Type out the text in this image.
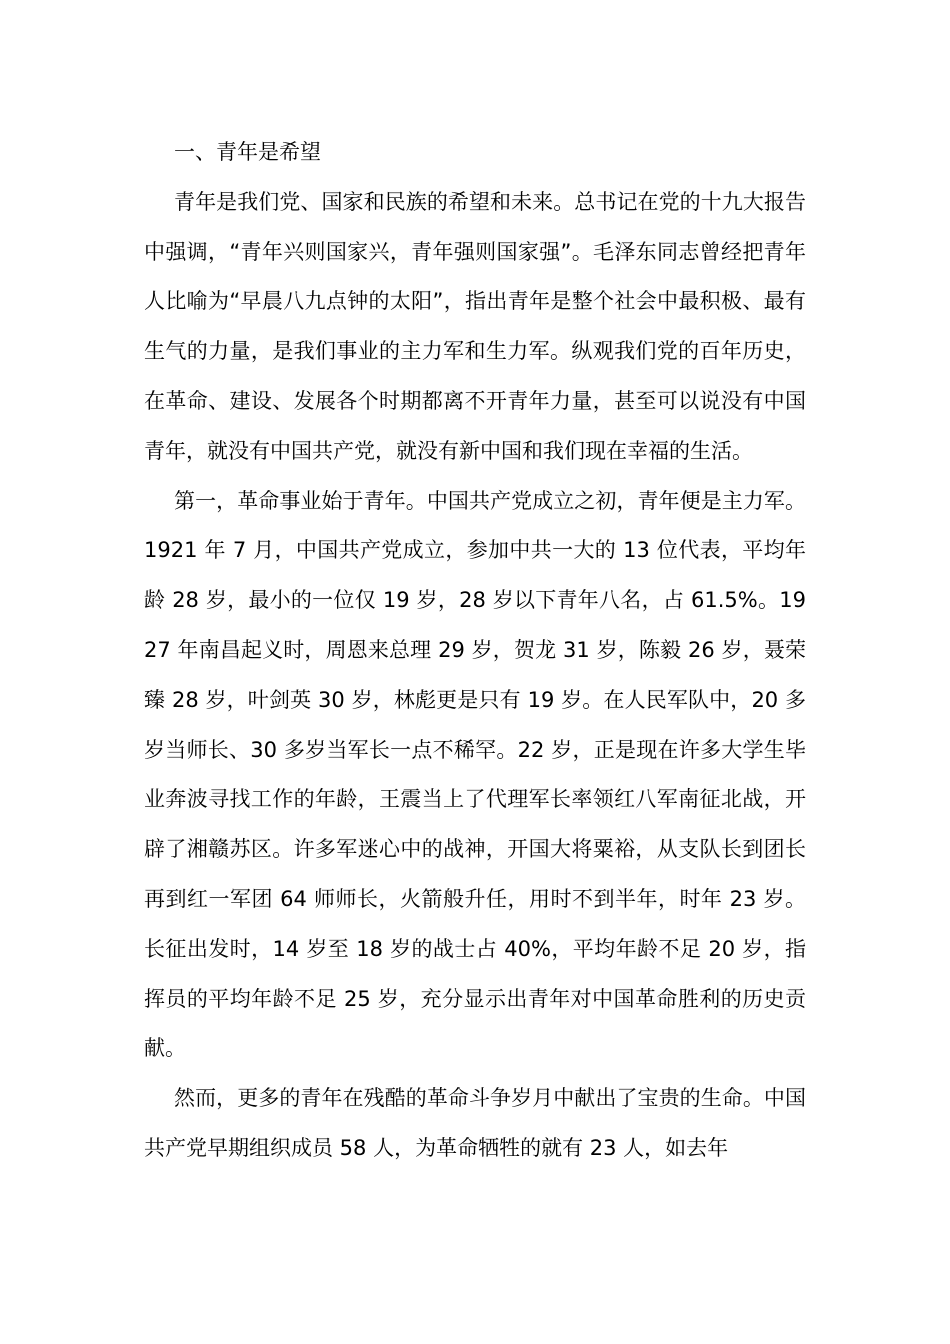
一、青年是希望

青年是我们党、国家和民族的希望和未来。总书记在党的十九大报告中强调，“青年兴则国家兴，青年强则国家强”。毛泽东同志曾经把青年人比喻为“早晨八九点钟的太阳”，指出青年是整个社会中最积极、最有生气的力量，是我们事业的主力军和生力军。纵观我们党的百年历史，在革命、建设、发展各个时期都离不开青年力量，甚至可以说没有中国青年，就没有中国共产党，就没有新中国和我们现在幸福的生活。

第一，革命事业始于青年。中国共产党成立之初，青年便是主力军。1921 年 7 月，中国共产党成立，参加中共一大的 13 位代表，平均年龄 28 岁，最小的一位仅 19 岁，28 岁以下青年八名，占 61.5%。1927 年南昌起义时，周恩来总理 29 岁，贺龙 31 岁，陈毅 26 岁，聂荣臻 28 岁，叶剑英 30 岁，林彪更是只有 19 岁。在人民军队中，20 多岁当师长、30 多岁当军长一点不稀罕。22 岁，正是现在许多大学生毕业奔波寻找工作的年龄，王震当上了代理军长率领红八军南征北战，开辟了湘赣苏区。许多军迷心中的战神，开国大将粟裕，从支队长到团长再到红一军团 64 师师长，火箭般升任，用时不到半年，时年 23 岁。长征出发时，14 岁至 18 岁的战士占 40%，平均年龄不足 20 岁，指挥员的平均年龄不足 25 岁，充分显示出青年对中国革命胜利的历史贡献。

然而，更多的青年在残酷的革命斗争岁月中献出了宝贵的生命。中国共产党早期组织成员 58 人，为革命牺牲的就有 23 人，如去年
